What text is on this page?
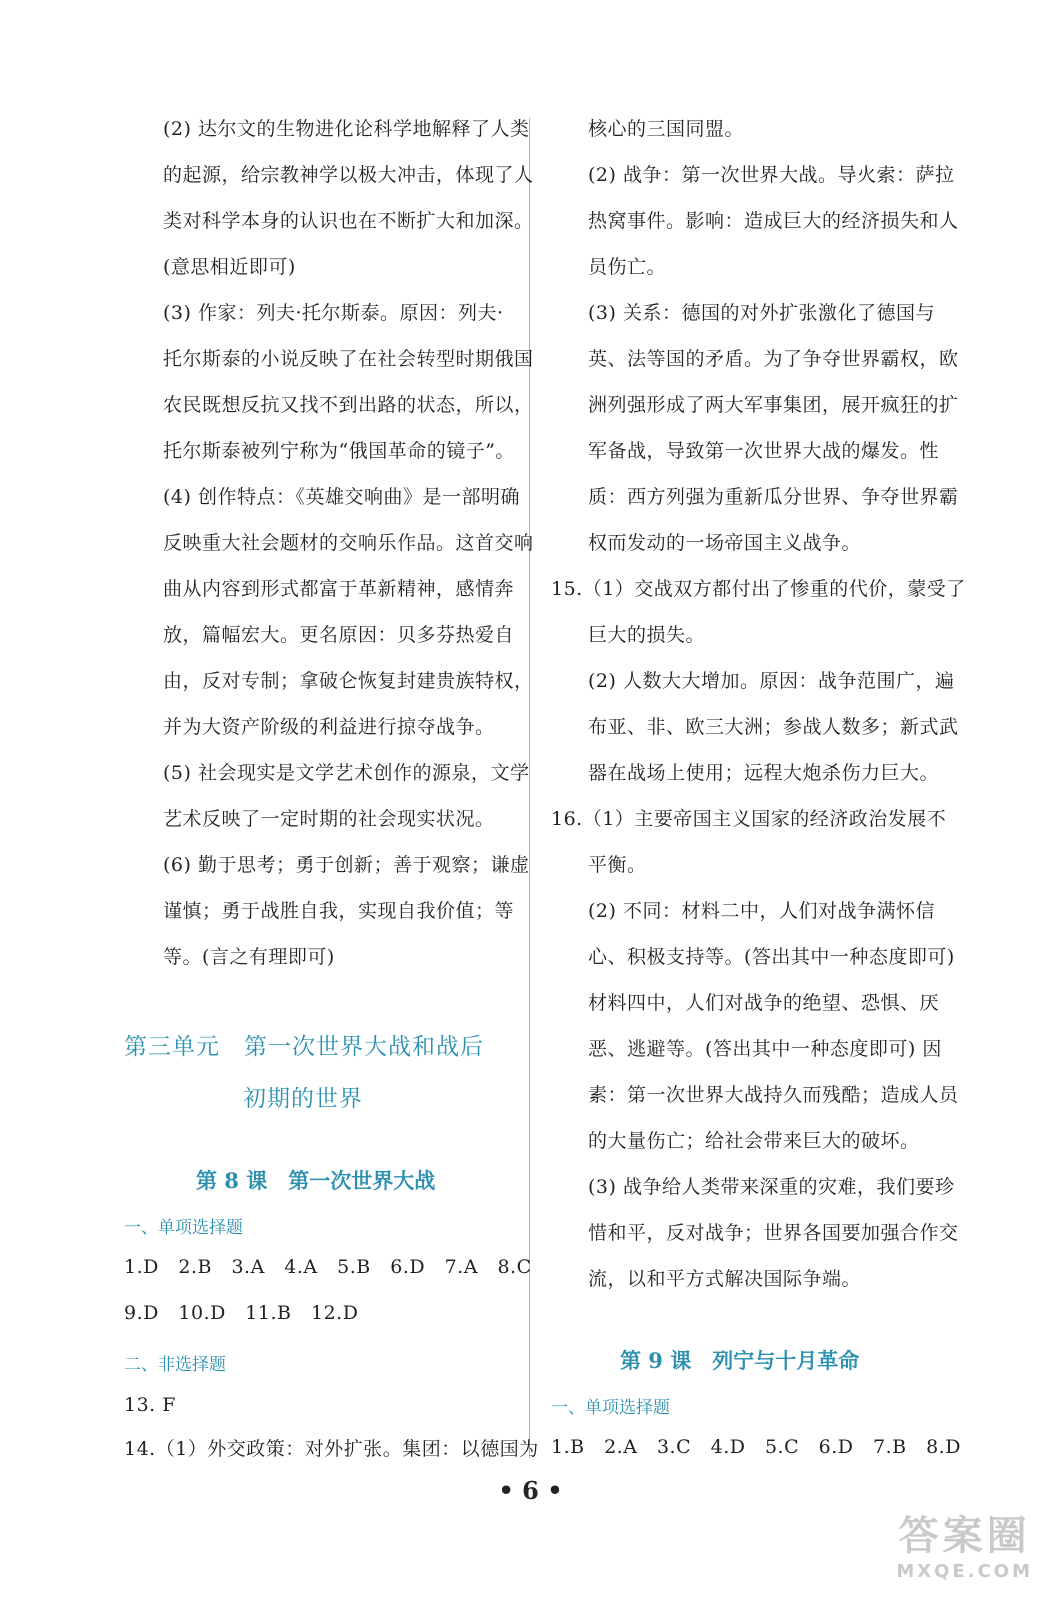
(2) 达尔文的生物进化论科学地解释了人类
的起源，给宗教神学以极大冲击，体现了人
类对科学本身的认识也在不断扩大和加深。
(意思相近即可)
(3) 作家：列夫·托尔斯泰。原因：列夫·
托尔斯泰的小说反映了在社会转型时期俄国
农民既想反抗又找不到出路的状态，所以，
托尔斯泰被列宁称为“俄国革命的镜子”。
(4) 创作特点：《英雄交响曲》是一部明确
反映重大社会题材的交响乐作品。这首交响
曲从内容到形式都富于革新精神，感情奔
放，篇幅宏大。更名原因：贝多芬热爱自
由，反对专制；拿破仑恢复封建贵族特权，
并为大资产阶级的利益进行掠夺战争。
(5) 社会现实是文学艺术创作的源泉，文学
艺术反映了一定时期的社会现实状况。
(6) 勤于思考；勇于创新；善于观察；谦虚
谨慎；勇于战胜自我，实现自我价值；等
等。(言之有理即可)
第三单元　第一次世界大战和战后
初期的世界
第 8 课　第一次世界大战
一、单项选择题
1.D　2.B　3.A　4.A　5.B　6.D　7.A　8.C
9.D　10.D　11.B　12.D
二、非选择题
13. F
14.（1）外交政策：对外扩张。集团：以德国为
核心的三国同盟。
(2) 战争：第一次世界大战。导火索：萨拉
热窝事件。影响：造成巨大的经济损失和人
员伤亡。
(3) 关系：德国的对外扩张激化了德国与
英、法等国的矛盾。为了争夺世界霸权，欧
洲列强形成了两大军事集团，展开疯狂的扩
军备战，导致第一次世界大战的爆发。性
质：西方列强为重新瓜分世界、争夺世界霸
权而发动的一场帝国主义战争。
15.（1）交战双方都付出了惨重的代价，蒙受了
巨大的损失。
(2) 人数大大增加。原因：战争范围广，遍
布亚、非、欧三大洲；参战人数多；新式武
器在战场上使用；远程大炮杀伤力巨大。
16.（1）主要帝国主义国家的经济政治发展不
平衡。
(2) 不同：材料二中，人们对战争满怀信
心、积极支持等。(答出其中一种态度即可)
材料四中，人们对战争的绝望、恐惧、厌
恶、逃避等。(答出其中一种态度即可) 因
素：第一次世界大战持久而残酷；造成人员
的大量伤亡；给社会带来巨大的破坏。
(3) 战争给人类带来深重的灾难，我们要珍
惜和平，反对战争；世界各国要加强合作交
流，以和平方式解决国际争端。
第 9 课　列宁与十月革命
一、单项选择题
1.B　2.A　3.C　4.D　5.C　6.D　7.B　8.D
• 6 •
答案圈
MXQE.COM
